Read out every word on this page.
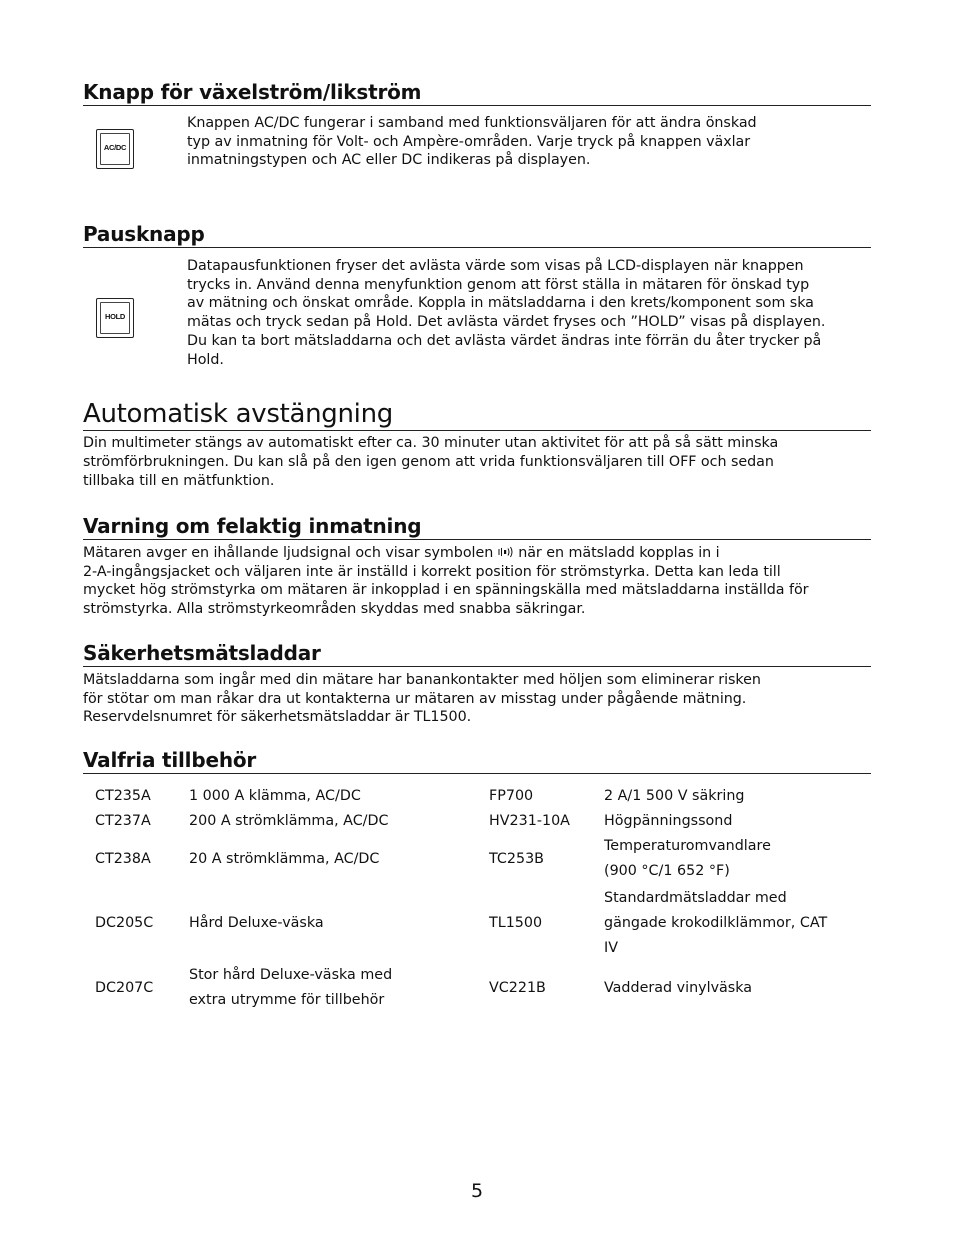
Knapp för växelström/likström
AC/DC

Knappen AC/DC fungerar i samband med funktionsväljaren för att ändra önskad

typ av inmatning för Volt- och Ampère-områden. Varje tryck på knappen växlar

inmatningstypen och AC eller DC indikeras på displayen.

Pausknapp
HOLD

Datapausfunktionen fryser det avlästa värde som visas på LCD-displayen när knappen

trycks in. Använd denna menyfunktion genom att först ställa in mätaren för önskad typ

av mätning och önskat område. Koppla in mätsladdarna i den krets/komponent som ska

mätas och tryck sedan på Hold. Det avlästa värdet fryses och ”HOLD” visas på displayen.

Du kan ta bort mätsladdarna och det avlästa värdet ändras inte förrän du åter trycker på

Hold.

Automatisk avstängning

Din multimeter stängs av automatiskt efter ca. 30 minuter utan aktivitet för att på så sätt minska

strömförbrukningen. Du kan slå på den igen genom att vrida funktionsväljaren till OFF och sedan

tillbaka till en mätfunktion.

Varning om felaktig inmatning

Mätaren avger en ihållande ljudsignal och visar symbolen  när en mätsladd kopplas in i

2-A-ingångsjacket och väljaren inte är inställd i korrekt position för strömstyrka. Detta kan leda till

mycket hög strömstyrka om mätaren är inkopplad i en spänningskälla med mätsladdarna inställda för

strömstyrka. Alla strömstyrkeområden skyddas med snabba säkringar.

Säkerhetsmätsladdar

Mätsladdarna som ingår med din mätare har banankontakter med höljen som eliminerar risken

för stötar om man råkar dra ut kontakterna ur mätaren av misstag under pågående mätning.

Reservdelsnumret för säkerhetsmätsladdar är TL1500.

Valfria tillbehör
CT235A	1 000 A klämma, AC/DC	FP700	2 A/1 500 V säkring

CT237A	200 A strömklämma, AC/DC	HV231-10A	Högpänningssond

CT238A	20 A strömklämma, AC/DC	TC253B	Temperaturomvandlare
(900 °C/1 652 °F)

DC205C	Hård Deluxe-väska	TL1500	Standardmätsladdar med
gängade krokodilklämmor, CAT
IV

DC207C	Stor hård Deluxe-väska med
extra utrymme för tillbehör	VC221B	Vadderad vinylväska
5
